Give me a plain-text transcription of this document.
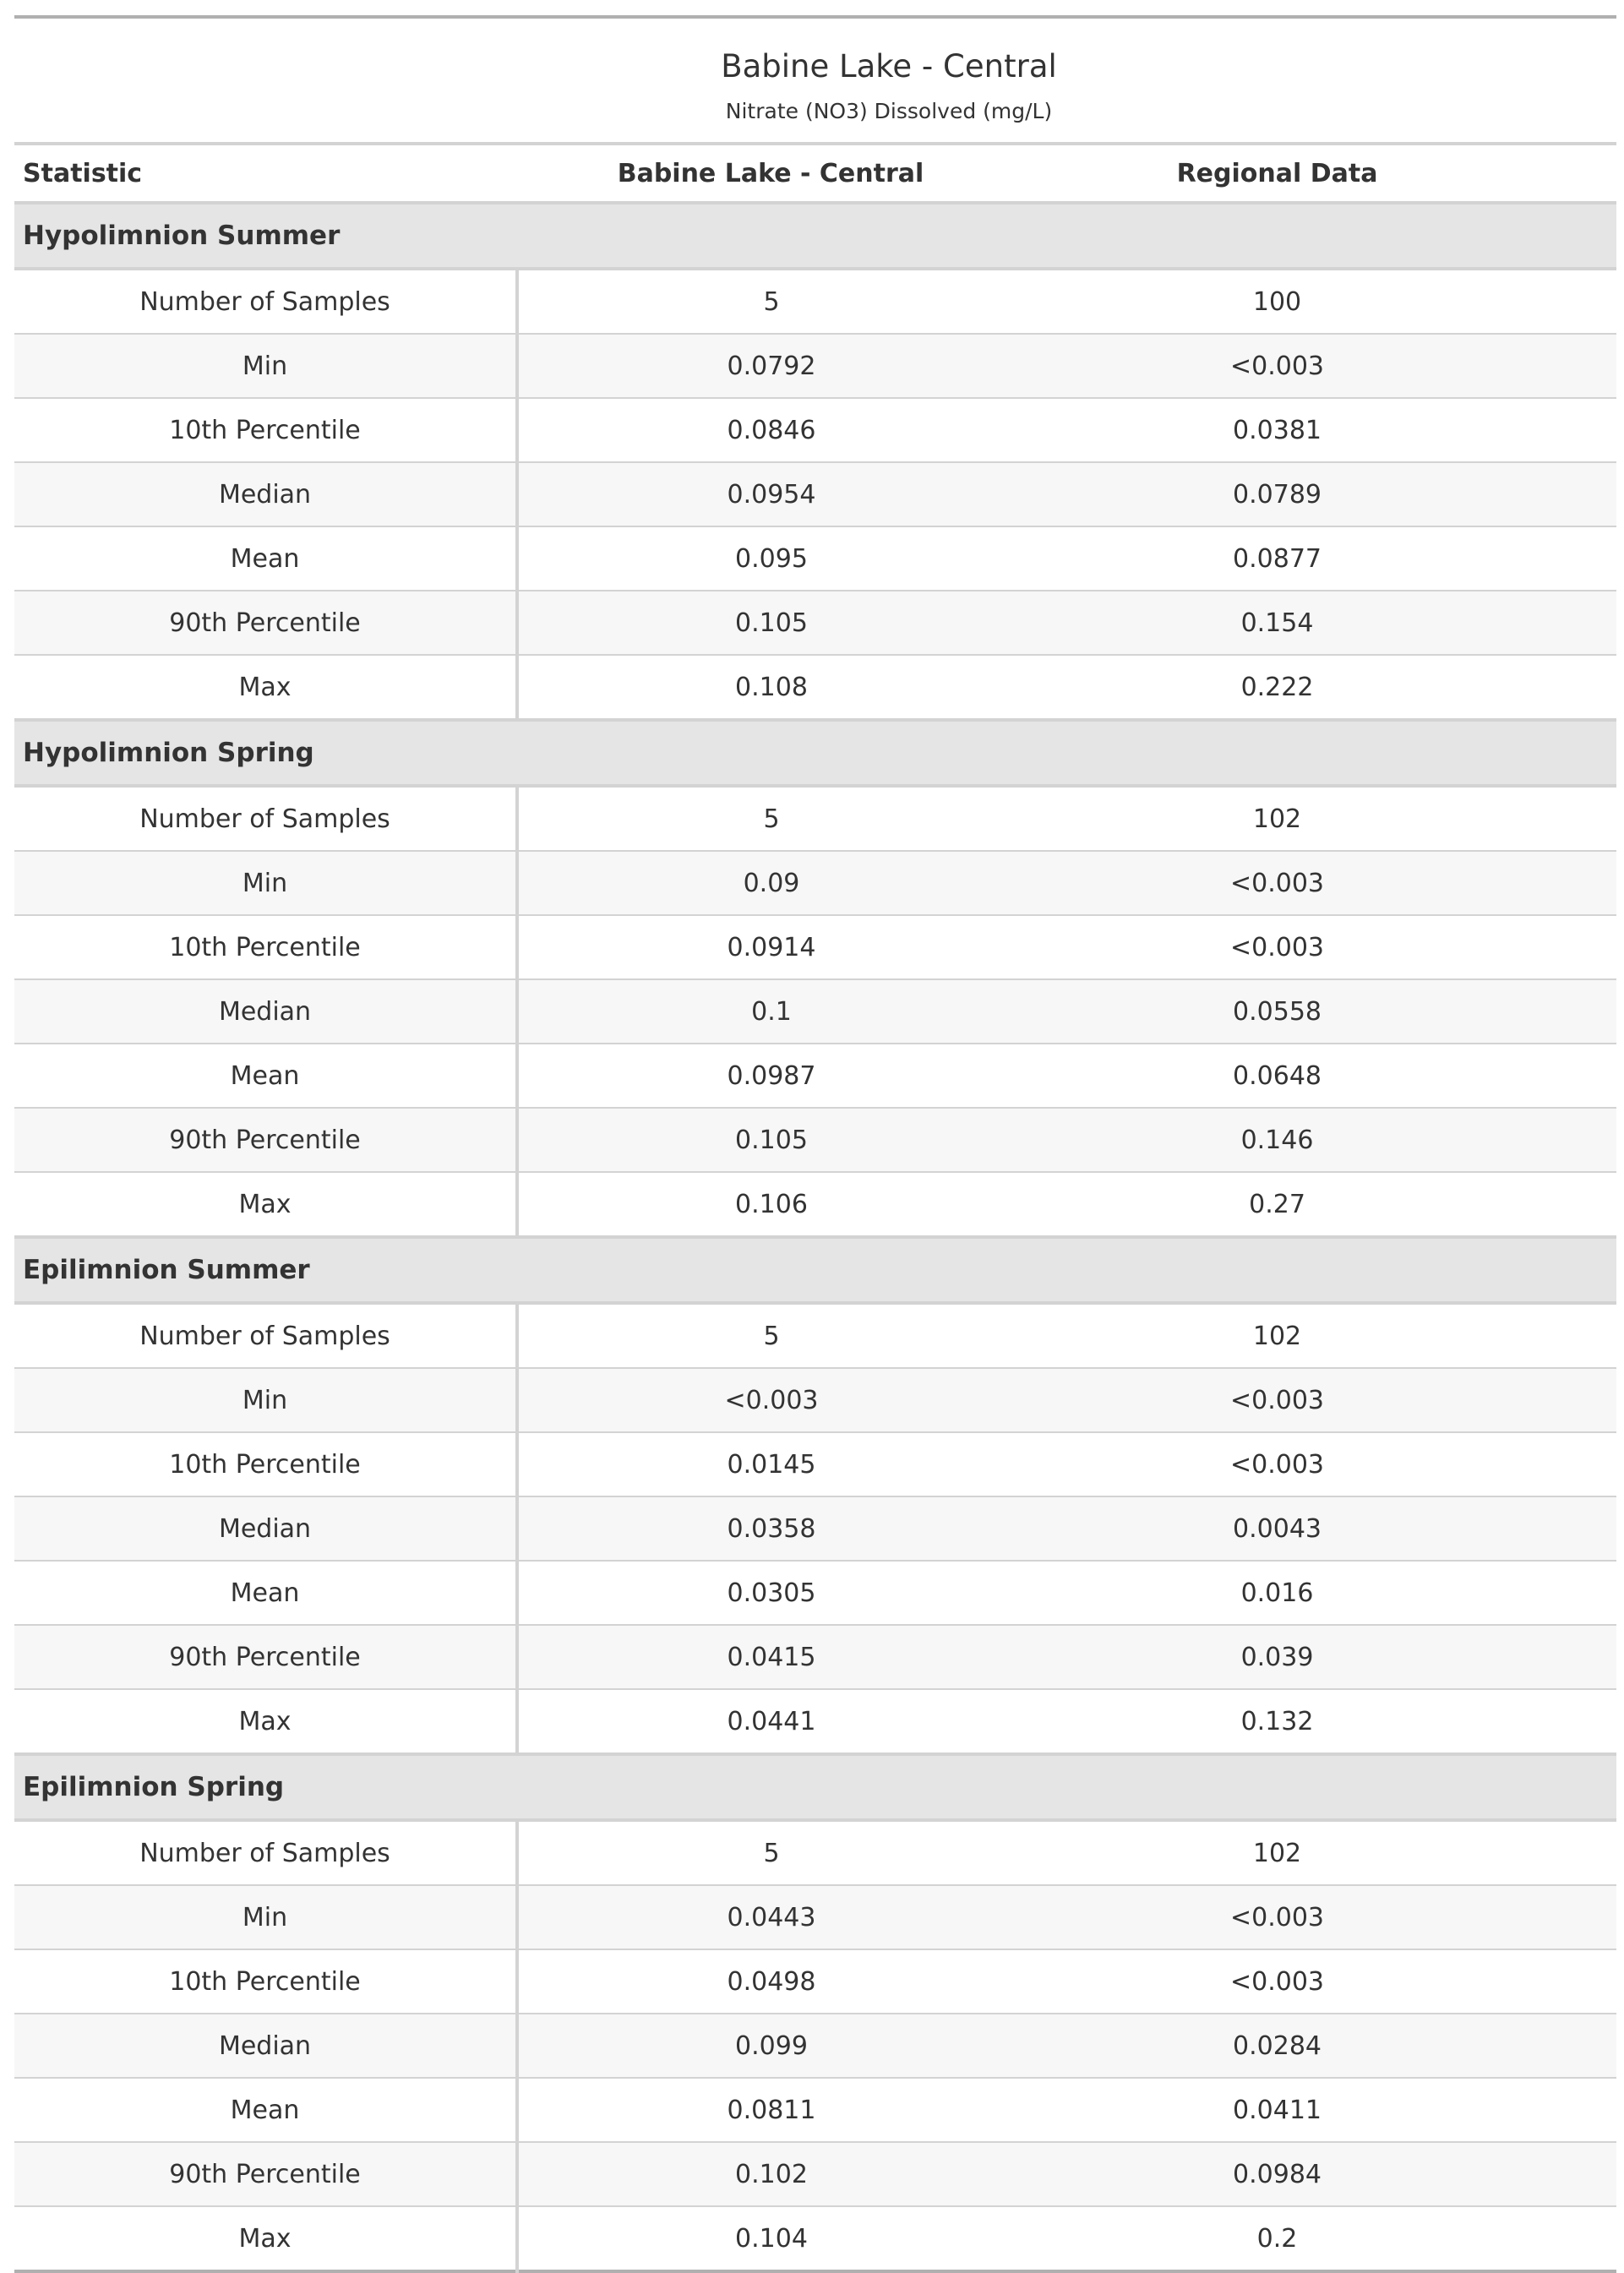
Babine Lake - Central		

Nitrate (NO3) Dissolved (mg/L)		

Statistic	Babine Lake - Central	Regional Data
Hypolimnion Summer		
Number of Samples	5	100
Min	0.0792	<0.003
10th Percentile	0.0846	0.0381
Median	0.0954	0.0789
Mean	0.095	0.0877
90th Percentile	0.105	0.154
Max	0.108	0.222
Hypolimnion Spring		
Number of Samples	5	102
Min	0.09	<0.003
10th Percentile	0.0914	<0.003
Median	0.1	0.0558
Mean	0.0987	0.0648
90th Percentile	0.105	0.146
Max	0.106	0.27
Epilimnion Summer		
Number of Samples	5	102
Min	<0.003	<0.003
10th Percentile	0.0145	<0.003
Median	0.0358	0.0043
Mean	0.0305	0.016
90th Percentile	0.0415	0.039
Max	0.0441	0.132
Epilimnion Spring		
Number of Samples	5	102
Min	0.0443	<0.003
10th Percentile	0.0498	<0.003
Median	0.099	0.0284
Mean	0.0811	0.0411
90th Percentile	0.102	0.0984
Max	0.104	0.2
